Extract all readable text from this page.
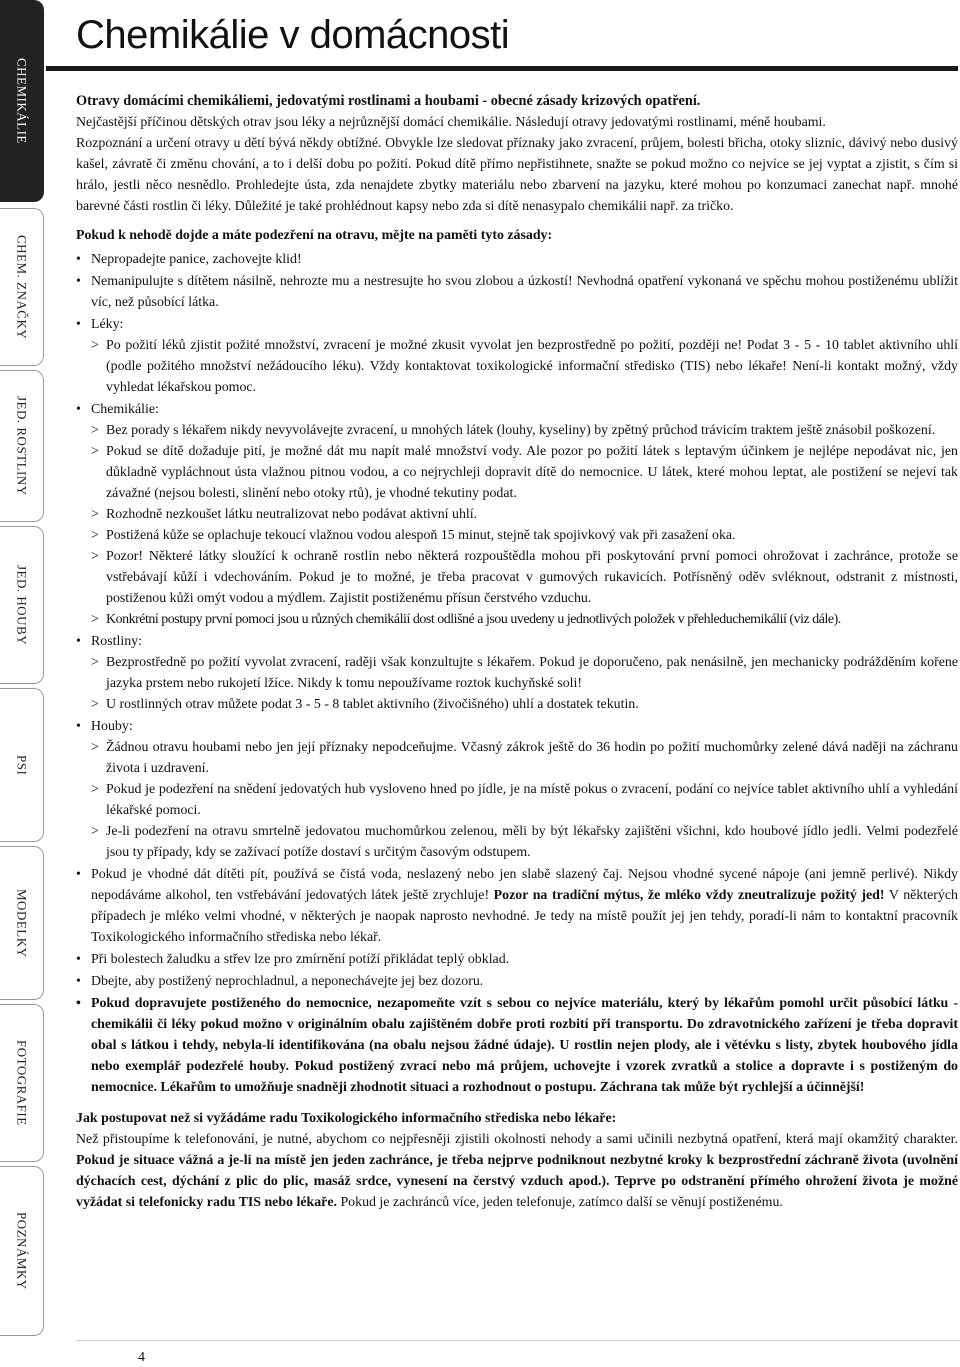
CHEMIKÁLIE
CHEM. ZNAČKY
JED. ROSTLINY
JED. HOUBY
PSI
MODELKY
FOTOGRAFIE
POZNÁMKY
Chemikálie v domácnosti
Otravy domácími chemikáliemi, jedovatými rostlinami a houbami - obecné zásady krizových opatření.

Nejčastější příčinou dětských otrav jsou léky a nejrůznější domácí chemikálie. Následují otravy jedovatými rostlinami, méně houbami.

Rozpoznání a určení otravy u dětí bývá někdy obtížné. Obvykle lze sledovat příznaky jako zvracení, průjem, bolesti břicha, otoky sliznic, dávivý nebo dusivý kašel, závratě či změnu chování, a to i delší dobu po požití. Pokud dítě přímo nepřistihnete, snažte se pokud možno co nejvíce se jej vyptat a zjistit, s čím si hrálo, jestli něco nesnědlo. Prohledejte ústa, zda nenajdete zbytky materiálu nebo zbarvení na jazyku, které mohou po konzumaci zanechat např. mnohé barevné části rostlin či léky. Důležité je také prohlédnout kapsy nebo zda si dítě nenasypalo chemikálii např. za tričko.

Pokud k nehodě dojde a máte podezření na otravu, mějte na paměti tyto zásady:
• Nepropadejte panice, zachovejte klid!
• Nemanipulujte s dítětem násilně, nehrozte mu a nestresujte ho svou zlobou a úzkostí! Nevhodná opatření vykonaná ve spěchu mohou postiženému ublížit víc, než působící látka.
• Léky:
> Po požití léků zjistit požité množství, zvracení je možné zkusit vyvolat jen bezprostředně po požití, později ne! Podat 3 - 5 - 10 tablet aktivního uhlí (podle požitého množství nežádoucího léku). Vždy kontaktovat toxikologické informační středisko (TIS) nebo lékaře! Není-li kontakt možný, vždy vyhledat lékařskou pomoc.
• Chemikálie:
> Bez porady s lékařem nikdy nevyvolávejte zvracení, u mnohých látek (louhy, kyseliny) by zpětný průchod trávicím traktem ještě znásobil poškození.
> Pokud se dítě dožaduje pití, je možné dát mu napít malé množství vody. Ale pozor po požití látek s leptavým účinkem je nejlépe nepodávat nic, jen důkladně vypláchnout ústa vlažnou pitnou vodou, a co nejrychleji dopravit dítě do nemocnice. U látek, které mohou leptat, ale postižení se nejeví tak závažné (nejsou bolesti, slinění nebo otoky rtů), je vhodné tekutiny podat.
> Rozhodně nezkoušet látku neutralizovat nebo podávat aktivní uhlí.
> Postižená kůže se oplachuje tekoucí vlažnou vodou alespoň 15 minut, stejně tak spojivkový vak při zasažení oka.
> Pozor! Některé látky sloužící k ochraně rostlin nebo některá rozpouštědla mohou při poskytování první pomoci ohrožovat i zachránce, protože se vstřebávají kůží i vdechováním. Pokud je to možné, je třeba pracovat v gumových rukavicích. Potřísněný oděv svléknout, odstranit z místnosti, postiženou kůži omýt vodou a mýdlem. Zajistit postiženému přísun čerstvého vzduchu.
> Konkrétní postupy první pomoci jsou u různých chemikálií dost odlišné a jsou uvedeny u jednotlivých položek v přehleduchemikálií (viz dále).
• Rostliny:
> Bezprostředně po požití vyvolat zvracení, raději však konzultujte s lékařem. Pokud je doporučeno, pak nenásilně, jen mechanicky podrážděním kořene jazyka prstem nebo rukojetí lžíce. Nikdy k tomu nepoužívame roztok kuchyňské soli!
> U rostlinných otrav můžete podat 3 - 5 - 8 tablet aktivního (živočišného) uhlí a dostatek tekutin.
• Houby:
> Žádnou otravu houbami nebo jen její příznaky nepodceňujme. Včasný zákrok ještě do 36 hodin po požití muchomůrky zelené dává naději na záchranu života i uzdravení.
> Pokud je podezření na snědení jedovatých hub vysloveno hned po jídle, je na místě pokus o zvracení, podání co nejvíce tablet aktivního uhlí a vyhledání lékařské pomoci.
> Je-li podezření na otravu smrtelně jedovatou muchomůrkou zelenou, měli by být lékařsky zajištěni všichni, kdo houbové jídlo jedli. Velmi podezřelé jsou ty případy, kdy se zažívací potíže dostaví s určitým časovým odstupem.
• Pokud je vhodné dát dítěti pít, používá se čistá voda, neslazený nebo jen slabě slazený čaj. Nejsou vhodné sycené nápoje (ani jemně perlivé). Nikdy nepodáváme alkohol, ten vstřebávání jedovatých látek ještě zrychluje! Pozor na tradiční mýtus, že mléko vždy zneutralizuje požitý jed! V některých případech je mléko velmi vhodné, v některých je naopak naprosto nevhodné. Je tedy na místě použít jej jen tehdy, poradí-li nám to kontaktní pracovník Toxikologického informačního střediska nebo lékař.
• Při bolestech žaludku a střev lze pro zmírnění potíží přikládat teplý obklad.
• Dbejte, aby postižený neprochladnul, a neponechávejte jej bez dozoru.
• Pokud dopravujete postiženého do nemocnice, nezapomeňte vzít s sebou co nejvíce materiálu, který by lékařům pomohl určit působící látku - chemikálii či léky pokud možno v originálním obalu zajištěném dobře proti rozbití při transportu. Do zdravotnického zařízení je třeba dopravit obal s látkou i tehdy, nebyla-li identifikována (na obalu nejsou žádné údaje). U rostlin nejen plody, ale i větévku s listy, zbytek houbového jídla nebo exemplář podezřelé houby. Pokud postižený zvrací nebo má průjem, uchovejte i vzorek zvratků a stolice a dopravte i s postiženým do nemocnice. Lékařům to umožňuje snadněji zhodnotit situaci a rozhodnout o postupu. Záchrana tak může být rychlejší a účinnější!
Jak postupovat než si vyžádáme radu Toxikologického informačního střediska nebo lékaře:

Než přistoupíme k telefonování, je nutné, abychom co nejpřesněji zjistili okolnosti nehody a sami učinili nezbytná opatření, která mají okamžitý charakter. Pokud je situace vážná a je-li na místě jen jeden zachránce, je třeba nejprve podniknout nezbytné kroky k bezprostřední záchraně života (uvolnění dýchacích cest, dýchání z plic do plic, masáž srdce, vynesení na čerstvý vzduch apod.). Teprve po odstranění přímého ohrožení života je možné vyžádat si telefonicky radu TIS nebo lékaře. Pokud je zachránců více, jeden telefonuje, zatímco další se věnují postiženému.

4
